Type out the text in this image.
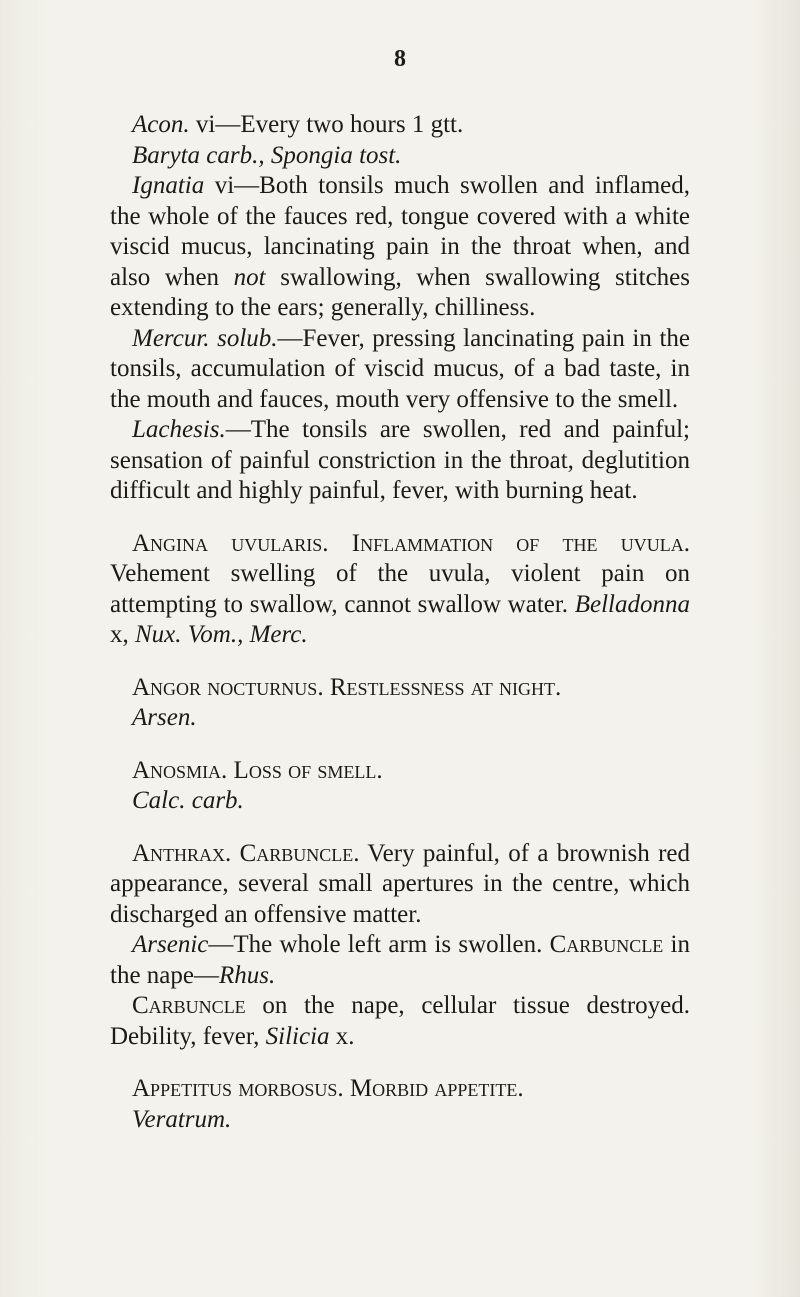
8

Acon. vi—Every two hours 1 gtt.

Baryta carb., Spongia tost.

Ignatia vi—Both tonsils much swollen and inflamed, the whole of the fauces red, tongue covered with a white viscid mucus, lancinating pain in the throat when, and also when not swallowing, when swallowing stitches extending to the ears; generally, chilliness.

Mercur. solub.—Fever, pressing lancinating pain in the tonsils, accumulation of viscid mucus, of a bad taste, in the mouth and fauces, mouth very offensive to the smell.

Lachesis.—The tonsils are swollen, red and painful; sensation of painful constriction in the throat, deglutition difficult and highly painful, fever, with burning heat.

Angina uvularis. Inflammation of the uvula. Vehement swelling of the uvula, violent pain on attempting to swallow, cannot swallow water. Belladonna x, Nux. Vom., Merc.

Angor nocturnus. Restlessness at night.

Arsen.

Anosmia. Loss of smell.

Calc. carb.

Anthrax. Carbuncle. Very painful, of a brownish red appearance, several small apertures in the centre, which discharged an offensive matter.

Arsenic—The whole left arm is swollen. Carbuncle in the nape—Rhus.

Carbuncle on the nape, cellular tissue destroyed. Debility, fever, Silicia x.

Appetitus morbosus. Morbid appetite.

Veratrum.
